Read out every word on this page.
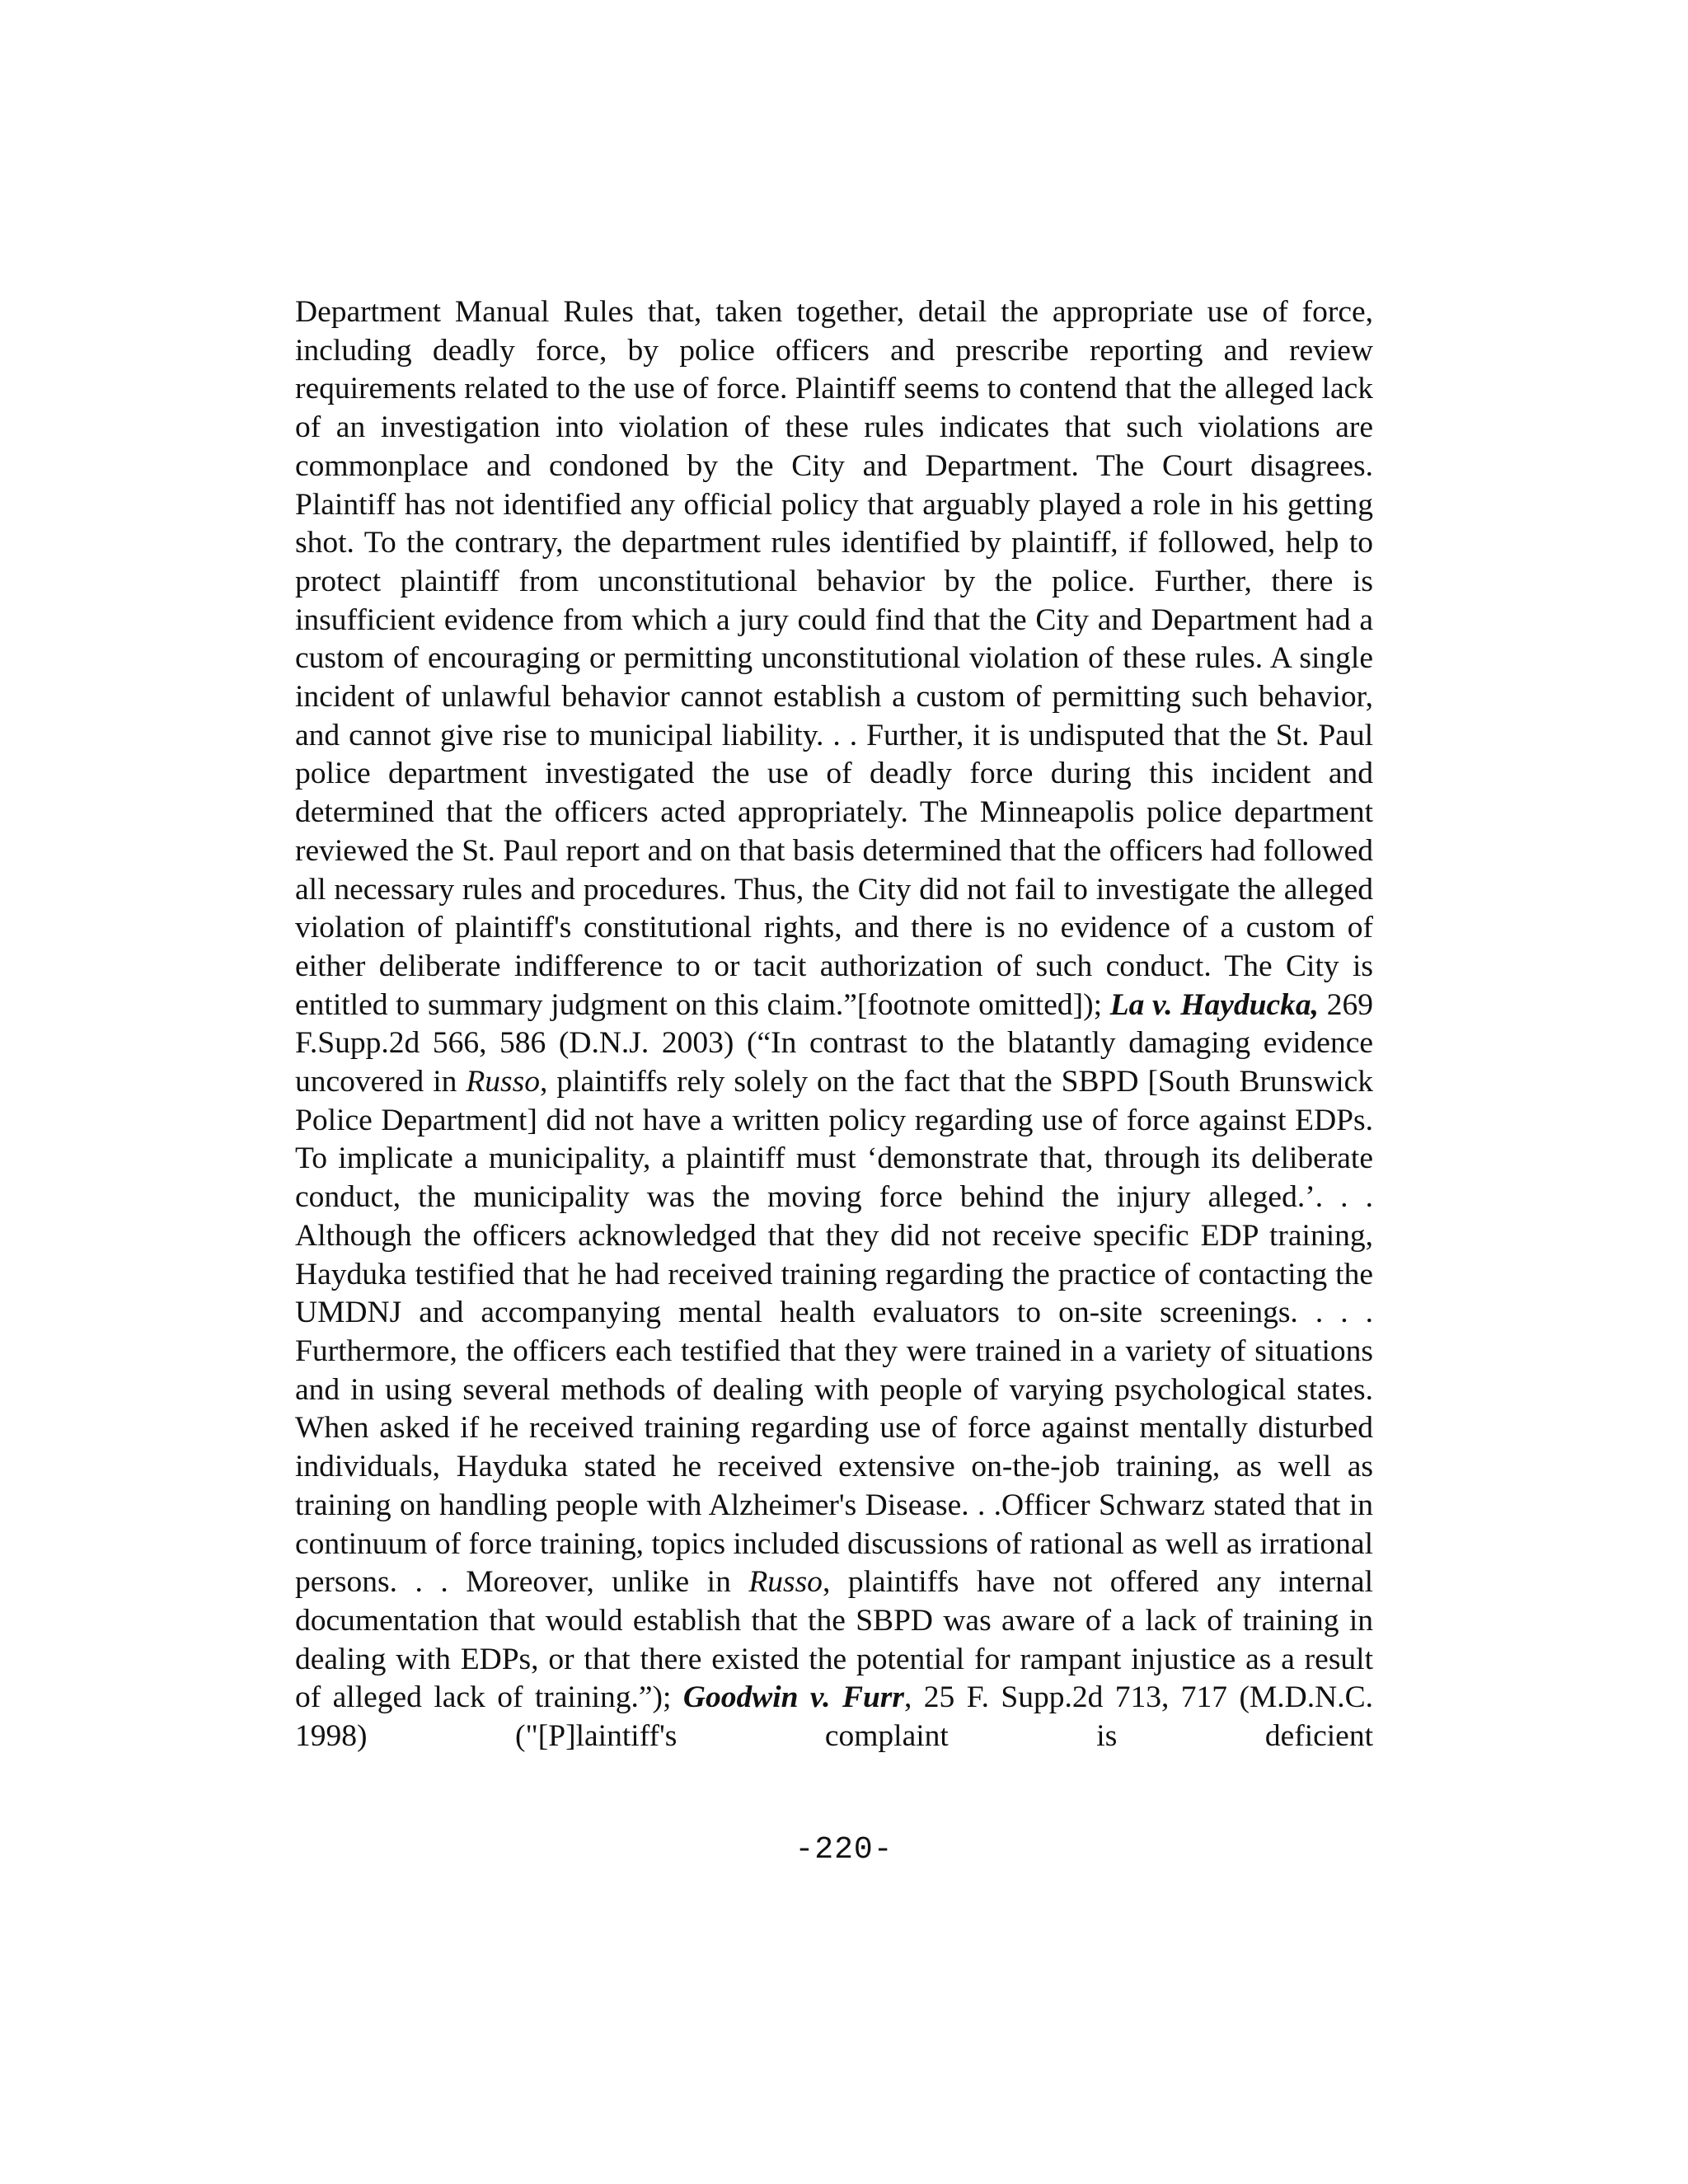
Department Manual Rules that, taken together, detail the appropriate use of force, including deadly force, by police officers and prescribe reporting and review requirements related to the use of force. Plaintiff seems to contend that the alleged lack of an investigation into violation of these rules indicates that such violations are commonplace and condoned by the City and Department. The Court disagrees. Plaintiff has not identified any official policy that arguably played a role in his getting shot. To the contrary, the department rules identified by plaintiff, if followed, help to protect plaintiff from unconstitutional behavior by the police. Further, there is insufficient evidence from which a jury could find that the City and Department had a custom of encouraging or permitting unconstitutional violation of these rules. A single incident of unlawful behavior cannot establish a custom of permitting such behavior, and cannot give rise to municipal liability. . . Further, it is undisputed that the St. Paul police department investigated the use of deadly force during this incident and determined that the officers acted appropriately. The Minneapolis police department reviewed the St. Paul report and on that basis determined that the officers had followed all necessary rules and procedures. Thus, the City did not fail to investigate the alleged violation of plaintiff's constitutional rights, and there is no evidence of a custom of either deliberate indifference to or tacit authorization of such conduct. The City is entitled to summary judgment on this claim.”[footnote omitted]); La v. Hayducka, 269 F.Supp.2d 566, 586 (D.N.J. 2003) (“In contrast to the blatantly damaging evidence uncovered in Russo, plaintiffs rely solely on the fact that the SBPD [South Brunswick Police Department] did not have a written policy regarding use of force against EDPs. To implicate a municipality, a plaintiff must ‘demonstrate that, through its deliberate conduct, the municipality was the moving force behind the injury alleged.’. . . Although the officers acknowledged that they did not receive specific EDP training, Hayduka testified that he had received training regarding the practice of contacting the UMDNJ and accompanying mental health evaluators to on-site screenings. . . . Furthermore, the officers each testified that they were trained in a variety of situations and in using several methods of dealing with people of varying psychological states. When asked if he received training regarding use of force against mentally disturbed individuals, Hayduka stated he received extensive on-the-job training, as well as training on handling people with Alzheimer's Disease. . .Officer Schwarz stated that in continuum of force training, topics included discussions of rational as well as irrational persons. . . Moreover, unlike in Russo, plaintiffs have not offered any internal documentation that would establish that the SBPD was aware of a lack of training in dealing with EDPs, or that there existed the potential for rampant injustice as a result of alleged lack of training.”); Goodwin v. Furr, 25 F. Supp.2d 713, 717 (M.D.N.C. 1998) ("[P]laintiff's complaint is deficient

-220-
